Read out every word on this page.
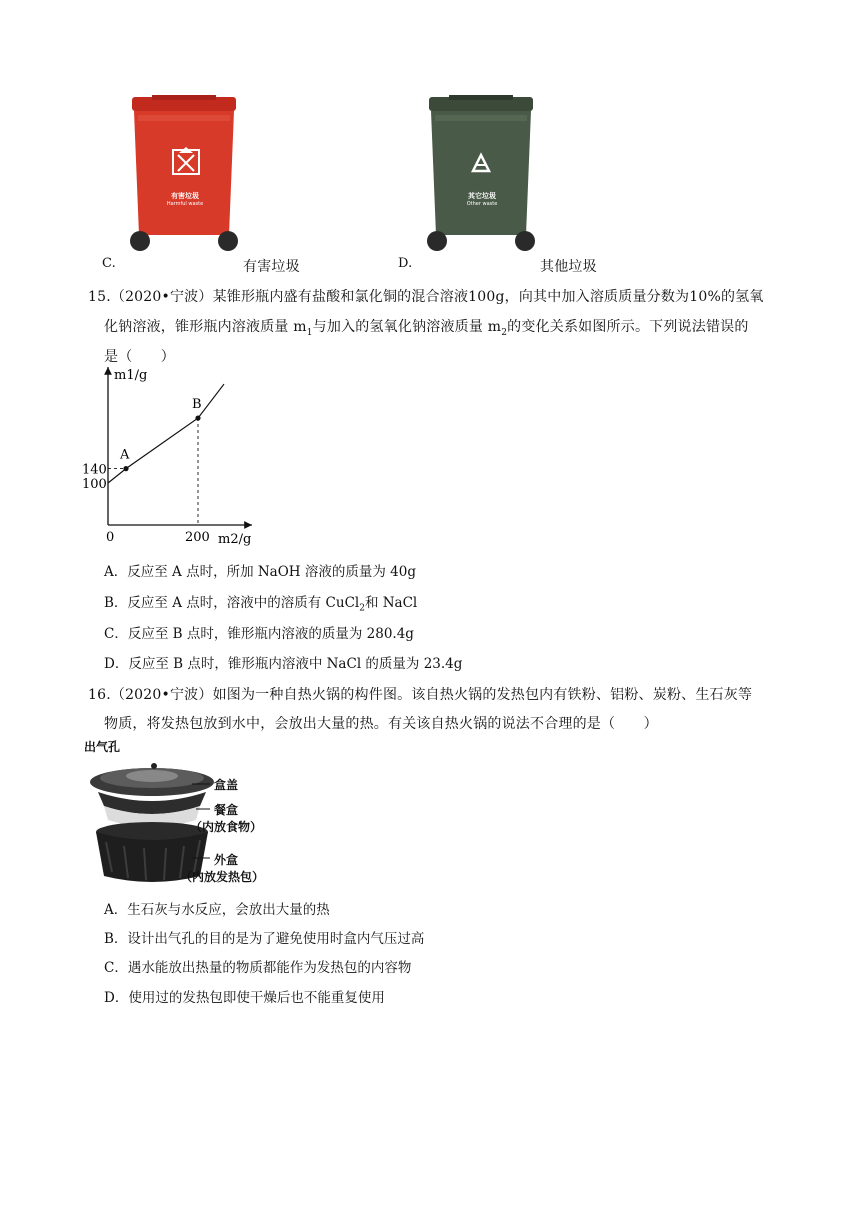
有害垃圾
Harmful waste
C.	有害垃圾
其它垃圾
Other waste
D.	其他垃圾
15.（2020•宁波）某锥形瓶内盛有盐酸和氯化铜的混合溶液100g，向其中加入溶质质量分数为10%的氢氧
化钠溶液，锥形瓶内溶液质量 $m_1$与加入的氢氧化钠溶液质量 $m_2$的变化关系如图所示。下列说法错误的
是（　　）
A
B
140
100
200
m1/g
m2/g
0
A．反应至 A 点时，所加 NaOH 溶液的质量为 40g
B．反应至 A 点时，溶液中的溶质有 CuCl$_2$和 NaCl
C．反应至 B 点时，锥形瓶内溶液的质量为 280.4g
D．反应至 B 点时，锥形瓶内溶液中 NaCl 的质量为 23.4g
16.（2020•宁波）如图为一种自热火锅的构件图。该自热火锅的发热包内有铁粉、铝粉、炭粉、生石灰等
物质，将发热包放到水中，会放出大量的热。有关该自热火锅的说法不合理的是（　　）
出气孔
盒盖
餐盒
（内放食物）
外盒
（内放发热包）
A．生石灰与水反应，会放出大量的热
B．设计出气孔的目的是为了避免使用时盒内气压过高
C．遇水能放出热量的物质都能作为发热包的内容物
D．使用过的发热包即使干燥后也不能重复使用
